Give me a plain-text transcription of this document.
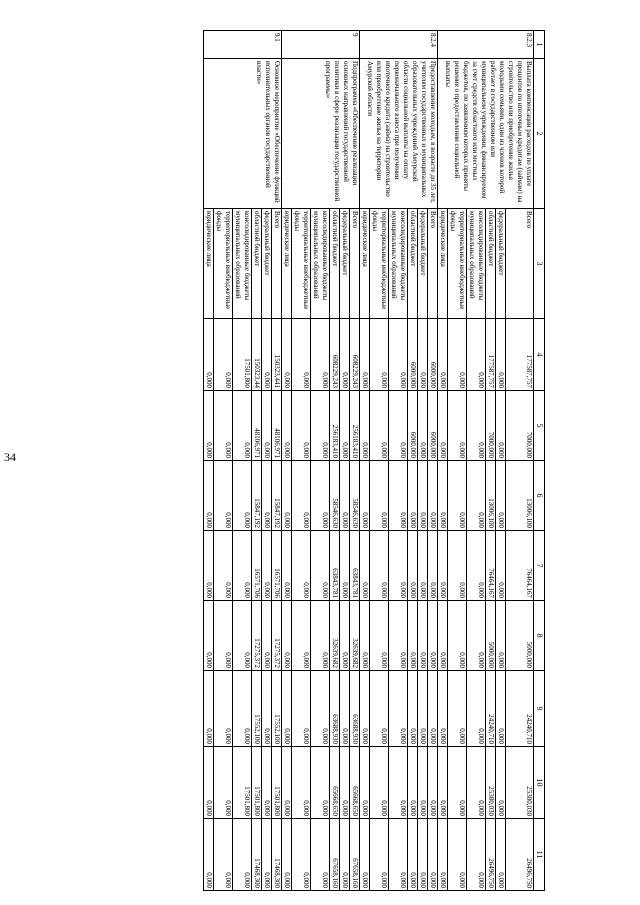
34
1	2	3	4	5	6	7	8	9	10	11
8.2.3	Выплата компенсации расходов по уплате процентов по ипотечным кредитам (займам) на строительство или приобретение жилья молодыми семьями, один из членов которой работает в государственном или муниципальном учреждении, финансируемом за счет средств областного или местных бюджетов, по заявлениям которых приняты решения о предоставлении социальной выплаты	Всего	177587,757	7000,000	13006,100	76464,167	5000,000	24240,710	25380,030	26496,750
		федеральный бюджет	0,000	0,000	0,000	0,000	0,000	0,000	0,000	0,000
		областной бюджет	177587,757	7000,000	13006,100	76464,167	5000,000	24240,710	25380,030	26496,750
		консолидированные бюджеты муниципальных образований	0,000	0,000	0,000	0,000	0,000	0,000	0,000	0,000
		территориальные внебюджетные фонды	0,000	0,000	0,000	0,000	0,000	0,000	0,000	0,000
		юридические лица	0,000	0,000	0,000	0,000	0,000	0,000	0,000	0,000
8.2.4	Предоставление молодым, в возрасте до 35 лет, учителям государственных и муниципальных образовательных учреждений Амурской области социальной выплаты на оплату первоначального взноса при получении ипотечного кредита (займа) на строительство или приобретение жилья на территории Амурской области	Всего	6000,000	6000,000	0,000	0,000	0,000	0,000	0,000	0,000
		федеральный бюджет	0,000	0,000	0,000	0,000	0,000	0,000	0,000	0,000
		областной бюджет	6000,000	6000,000	0,000	0,000	0,000	0,000	0,000	0,000
		консолидированные бюджеты муниципальных образований	0,000	0,000	0,000	0,000	0,000	0,000	0,000	0,000
		территориальные внебюджетные фонды	0,000	0,000	0,000	0,000	0,000	0,000	0,000	0,000
		юридические лица	0,000	0,000	0,000	0,000	0,000	0,000	0,000	0,000
9	Подпрограмма «Обеспечение реализации основных направлений государственной политики в сфере реализации государственной программы»	Всего	608229,243	256183,410	58546,630	63843,781	32639,682	63688,930	65668,650	67658,160
		федеральный бюджет	0,000	0,000	0,000	0,000	0,000	0,000	0,000	0,000
		областной бюджет	608229,243	256183,410	58546,630	63843,781	32639,682	63688,930	65668,650	67658,160
		консолидированные бюджеты муниципальных образований	0,000	0,000	0,000	0,000	0,000	0,000	0,000	0,000
		территориальные внебюджетные фонды	0,000	0,000	0,000	0,000	0,000	0,000	0,000	0,000
		юридические лица	0,000	0,000	0,000	0,000	0,000	0,000	0,000	0,000
9.1	Основное мероприятие «Обеспечение функций исполнительных органов государственной власти»	Всего	150323,441	48106,971	15847,192	16571,706	17275,372	17552,100	17501,800	17468,300
		федеральный бюджет	0,000	0,000	0,000	0,000	0,000	0,000	0,000	0,000
		областной бюджет	150323,44	48106,971	15847,192	16571,706	17275,372	17552,100	17501,800	17468,300
		консолидированные бюджеты муниципальных образований	17501,800	0,000	0,000	0,000	0,000	0,000	17501,800	0,000
		территориальные внебюджетные фонды	0,000	0,000	0,000	0,000	0,000	0,000	0,000	0,000
		юридические лица	0,000	0,000	0,000	0,000	0,000	0,000	0,000	0,000
